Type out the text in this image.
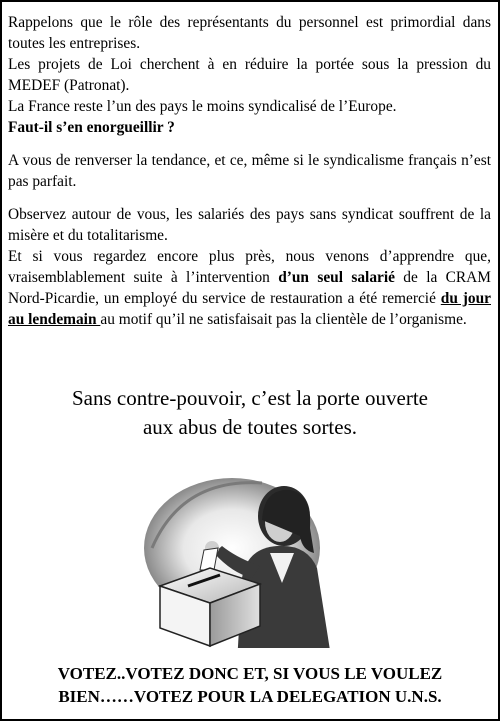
Rappelons que le rôle des représentants du personnel est primordial dans toutes les entreprises.

Les projets de Loi cherchent à en réduire la portée sous la pression du MEDEF (Patronat).

La France reste l’un des pays le moins syndicalisé de l’Europe.

Faut-il s’en enorgueillir ?

A vous de renverser la tendance, et ce, même si le syndicalisme français n’est pas parfait.

Observez autour de vous, les salariés des pays sans syndicat souffrent de la misère et du totalitarisme.

Et si vous regardez encore plus près, nous venons d’apprendre que, vraisemblablement suite à l’intervention d’un seul salarié de la CRAM Nord-Picardie, un employé du service de restauration a été remercié du jour au lendemain au motif qu’il ne satisfaisait pas la clientèle de l’organisme.

Sans contre-pouvoir, c’est la porte ouverte
aux abus de toutes sortes.
VOTEZ..VOTEZ DONC ET, SI VOUS LE VOULEZ
BIEN……VOTEZ POUR LA DELEGATION U.N.S.
